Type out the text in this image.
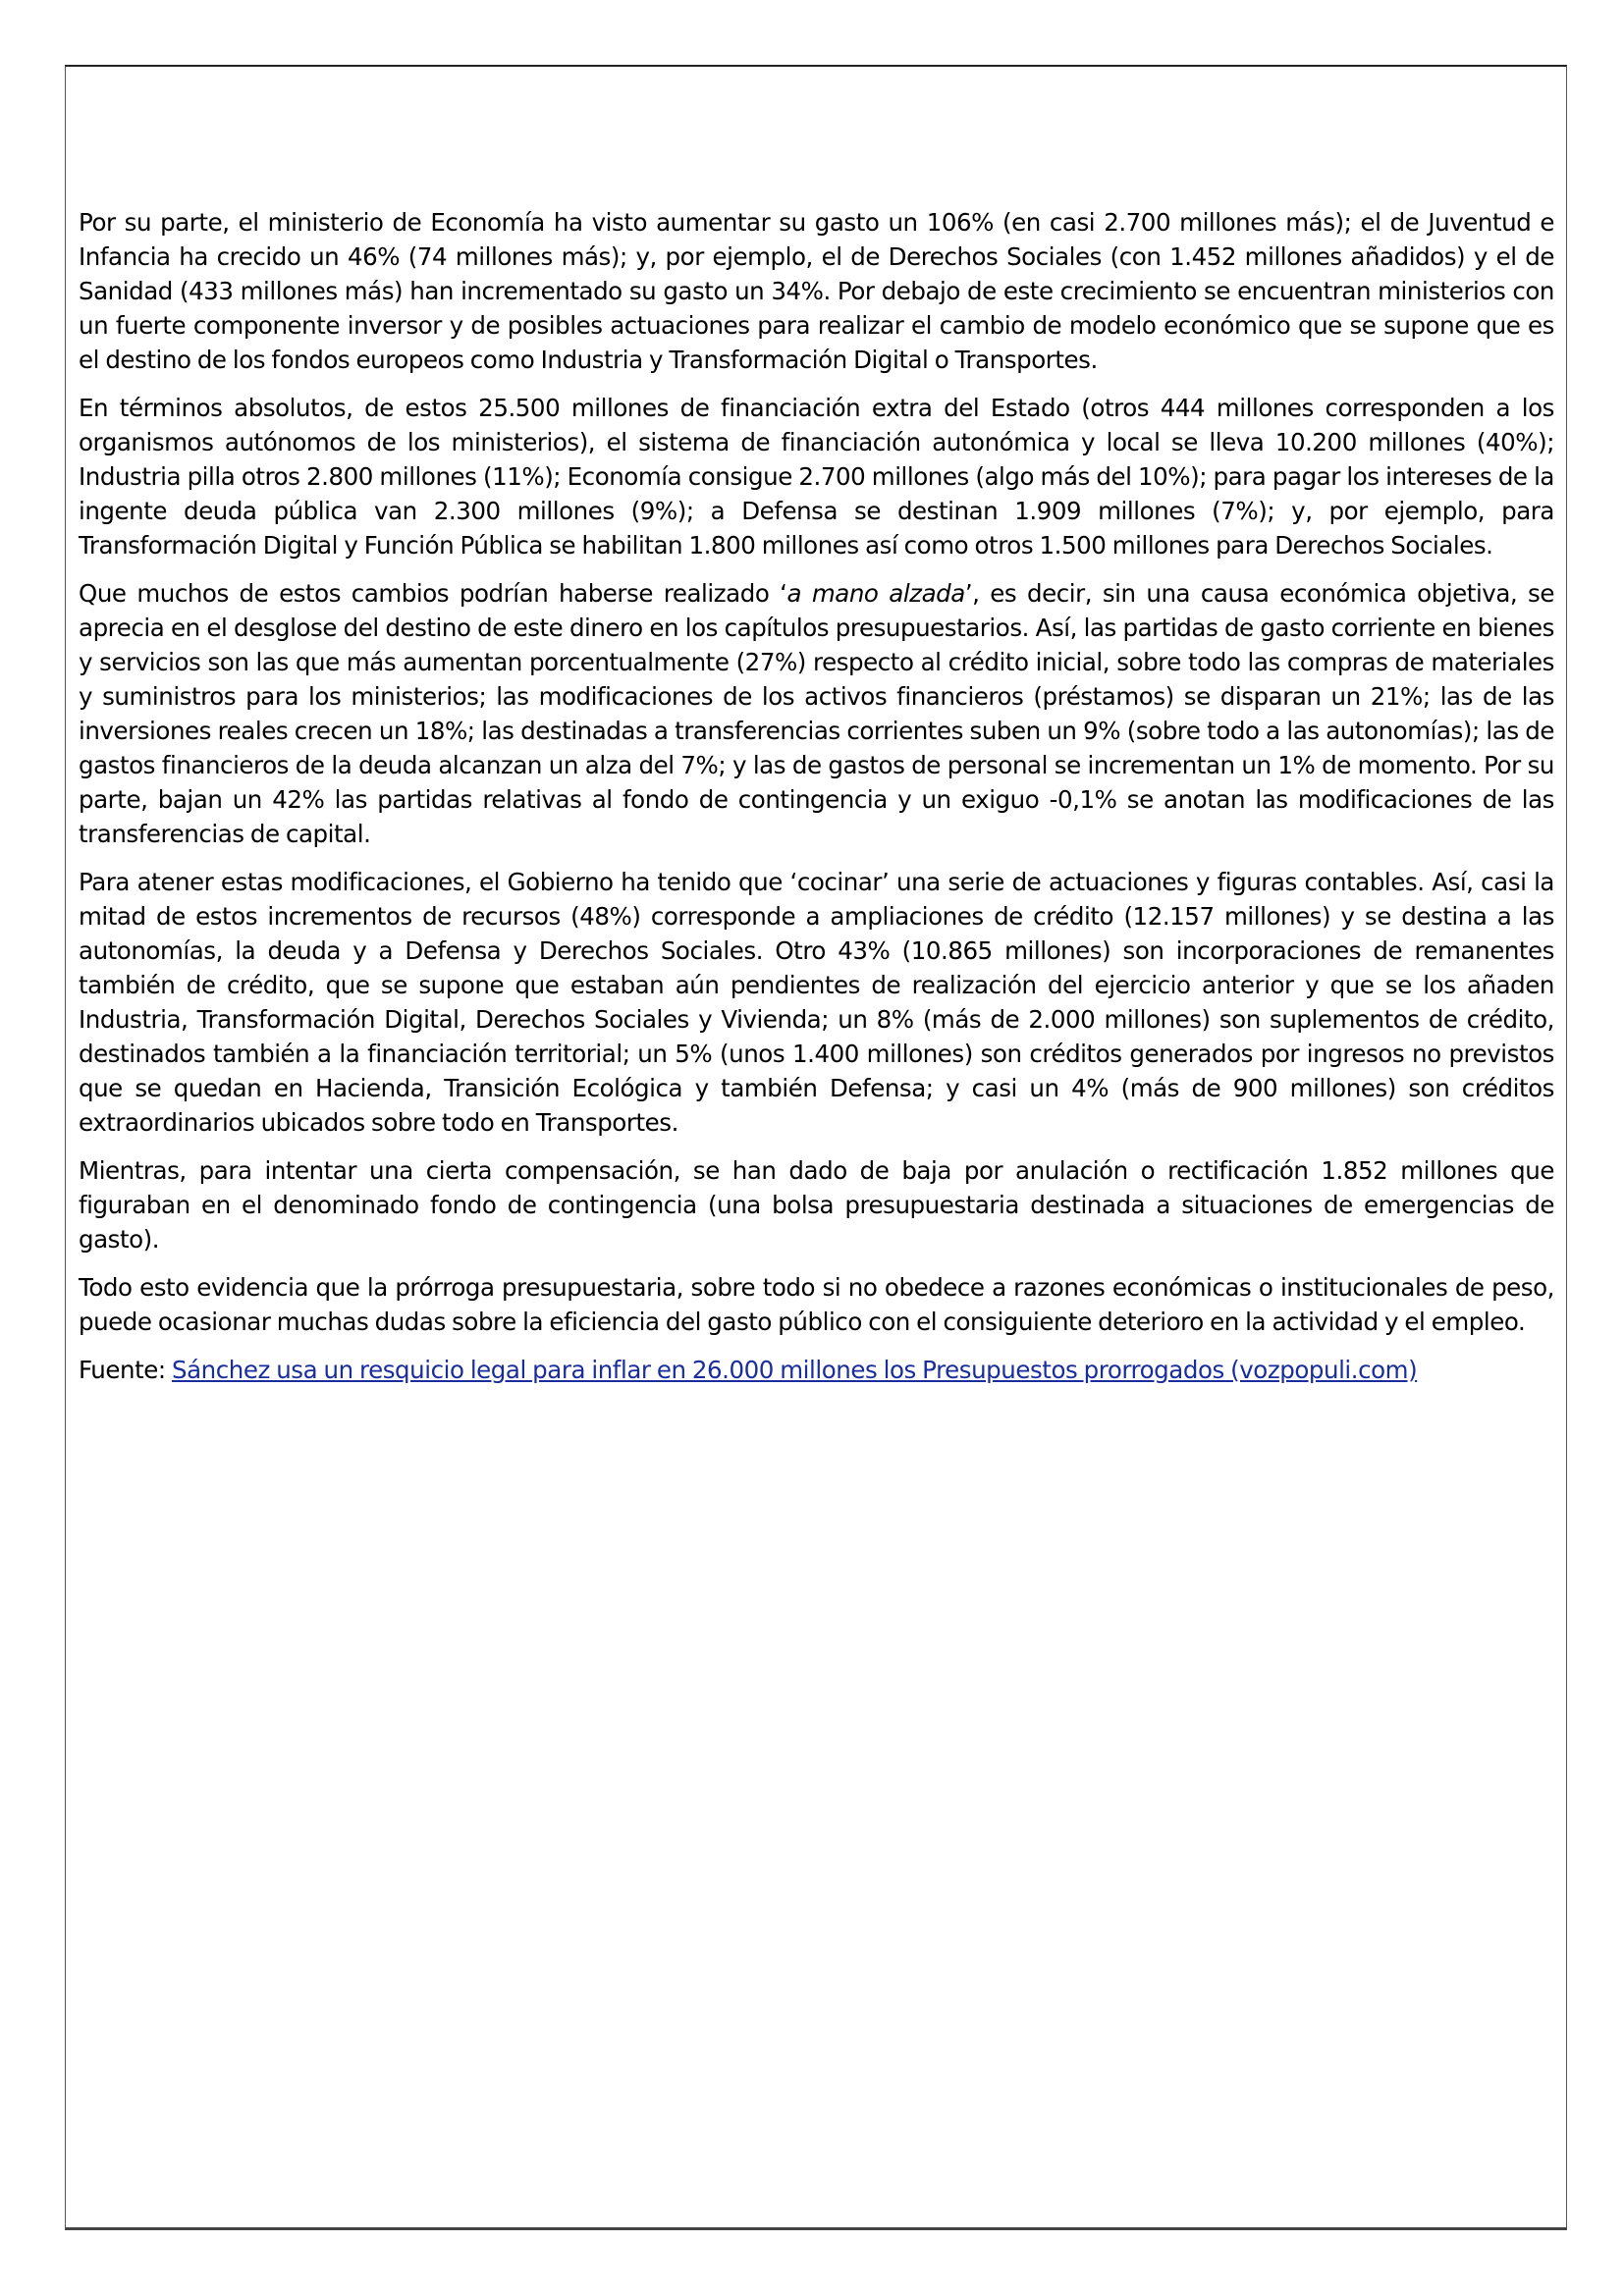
Por su parte, el ministerio de Economía ha visto aumentar su gasto un 106% (en casi 2.700 millones más); el de Juventud e Infancia ha crecido un 46% (74 millones más); y, por ejemplo, el de Derechos Sociales (con 1.452 millones añadidos) y el de Sanidad (433 millones más) han incrementado su gasto un 34%. Por debajo de este crecimiento se encuentran ministerios con un fuerte componente inversor y de posibles actuaciones para realizar el cambio de modelo económico que se supone que es el destino de los fondos europeos como Industria y Transformación Digital o Transportes.

En términos absolutos, de estos 25.500 millones de financiación extra del Estado (otros 444 millones corresponden a los organismos autónomos de los ministerios), el sistema de financiación autonómica y local se lleva 10.200 millones (40%); Industria pilla otros 2.800 millones (11%); Economía consigue 2.700 millones (algo más del 10%); para pagar los intereses de la ingente deuda pública van 2.300 millones (9%); a Defensa se destinan 1.909 millones (7%); y, por ejemplo, para Transformación Digital y Función Pública se habilitan 1.800 millones así como otros 1.500 millones para Derechos Sociales.

Que muchos de estos cambios podrían haberse realizado ‘a mano alzada’, es decir, sin una causa económica objetiva, se aprecia en el desglose del destino de este dinero en los capítulos presupuestarios. Así, las partidas de gasto corriente en bienes y servicios son las que más aumentan porcentualmente (27%) respecto al crédito inicial, sobre todo las compras de materiales y suministros para los ministerios; las modificaciones de los activos financieros (préstamos) se disparan un 21%; las de las inversiones reales crecen un 18%; las destinadas a transferencias corrientes suben un 9% (sobre todo a las autonomías); las de gastos financieros de la deuda alcanzan un alza del 7%; y las de gastos de personal se incrementan un 1% de momento. Por su parte, bajan un 42% las partidas relativas al fondo de contingencia y un exiguo -0,1% se anotan las modificaciones de las transferencias de capital.

Para atener estas modificaciones, el Gobierno ha tenido que ‘cocinar’ una serie de actuaciones y figuras contables. Así, casi la mitad de estos incrementos de recursos (48%) corresponde a ampliaciones de crédito (12.157 millones) y se destina a las autonomías, la deuda y a Defensa y Derechos Sociales. Otro 43% (10.865 millones) son incorporaciones de remanentes también de crédito, que se supone que estaban aún pendientes de realización del ejercicio anterior y que se los añaden Industria, Transformación Digital, Derechos Sociales y Vivienda; un 8% (más de 2.000 millones) son suplementos de crédito, destinados también a la financiación territorial; un 5% (unos 1.400 millones) son créditos generados por ingresos no previstos que se quedan en Hacienda, Transición Ecológica y también Defensa; y casi un 4% (más de 900 millones) son créditos extraordinarios ubicados sobre todo en Transportes.

Mientras, para intentar una cierta compensación, se han dado de baja por anulación o rectificación 1.852 millones que figuraban en el denominado fondo de contingencia (una bolsa presupuestaria destinada a situaciones de emergencias de gasto).

Todo esto evidencia que la prórroga presupuestaria, sobre todo si no obedece a razones económicas o institucionales de peso, puede ocasionar muchas dudas sobre la eficiencia del gasto público con el consiguiente deterioro en la actividad y el empleo.

Fuente: Sánchez usa un resquicio legal para inflar en 26.000 millones los Presupuestos prorrogados (vozpopuli.com)
